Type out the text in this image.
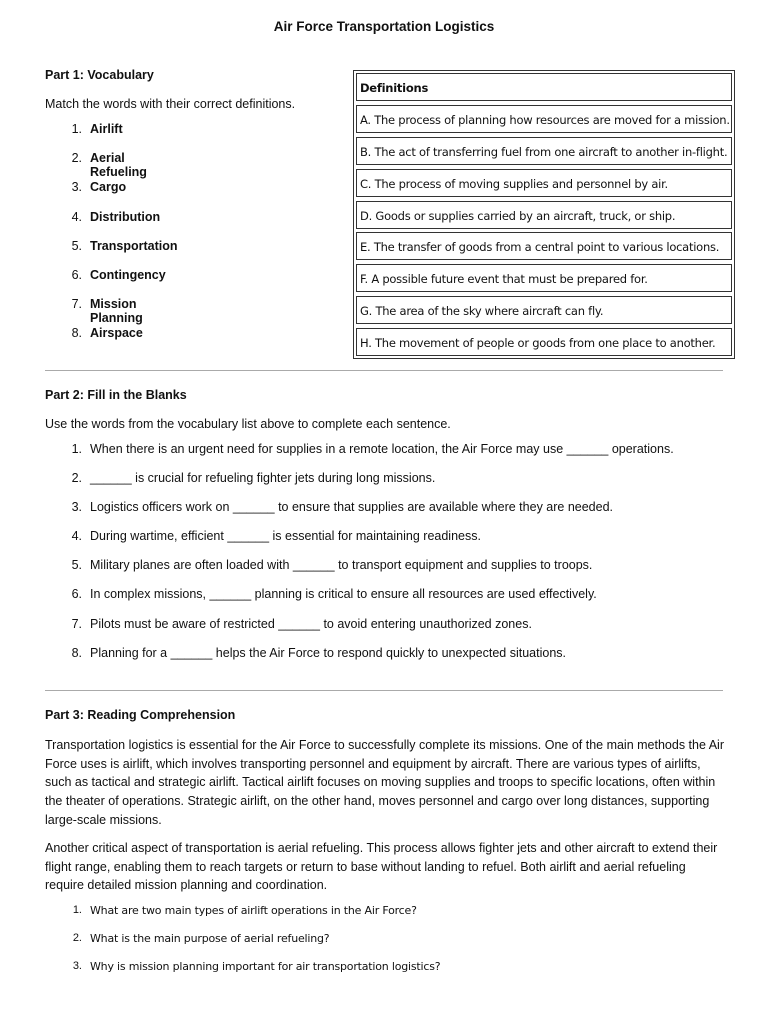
Air Force Transportation Logistics
Part 1: Vocabulary
Match the words with their correct definitions.
1. Airlift
2. Aerial Refueling
3. Cargo
4. Distribution
5. Transportation
6. Contingency
7. Mission Planning
8. Airspace
Definitions
A. The process of planning how resources are moved for a mission.
B. The act of transferring fuel from one aircraft to another in-flight.
C. The process of moving supplies and personnel by air.
D. Goods or supplies carried by an aircraft, truck, or ship.
E. The transfer of goods from a central point to various locations.
F. A possible future event that must be prepared for.
G. The area of the sky where aircraft can fly.
H. The movement of people or goods from one place to another.
Part 2: Fill in the Blanks
Use the words from the vocabulary list above to complete each sentence.
1. When there is an urgent need for supplies in a remote location, the Air Force may use ______ operations.
2. ______ is crucial for refueling fighter jets during long missions.
3. Logistics officers work on ______ to ensure that supplies are available where they are needed.
4. During wartime, efficient ______ is essential for maintaining readiness.
5. Military planes are often loaded with ______ to transport equipment and supplies to troops.
6. In complex missions, ______ planning is critical to ensure all resources are used effectively.
7. Pilots must be aware of restricted ______ to avoid entering unauthorized zones.
8. Planning for a ______ helps the Air Force to respond quickly to unexpected situations.
Part 3: Reading Comprehension
Transportation logistics is essential for the Air Force to successfully complete its missions. One of the main methods the Air Force uses is airlift, which involves transporting personnel and equipment by aircraft. There are various types of airlifts, such as tactical and strategic airlift. Tactical airlift focuses on moving supplies and troops to specific locations, often within the theater of operations. Strategic airlift, on the other hand, moves personnel and cargo over long distances, supporting large-scale missions.
Another critical aspect of transportation is aerial refueling. This process allows fighter jets and other aircraft to extend their flight range, enabling them to reach targets or return to base without landing to refuel. Both airlift and aerial refueling require detailed mission planning and coordination.
1. What are two main types of airlift operations in the Air Force?
2. What is the main purpose of aerial refueling?
3. Why is mission planning important for air transportation logistics?
